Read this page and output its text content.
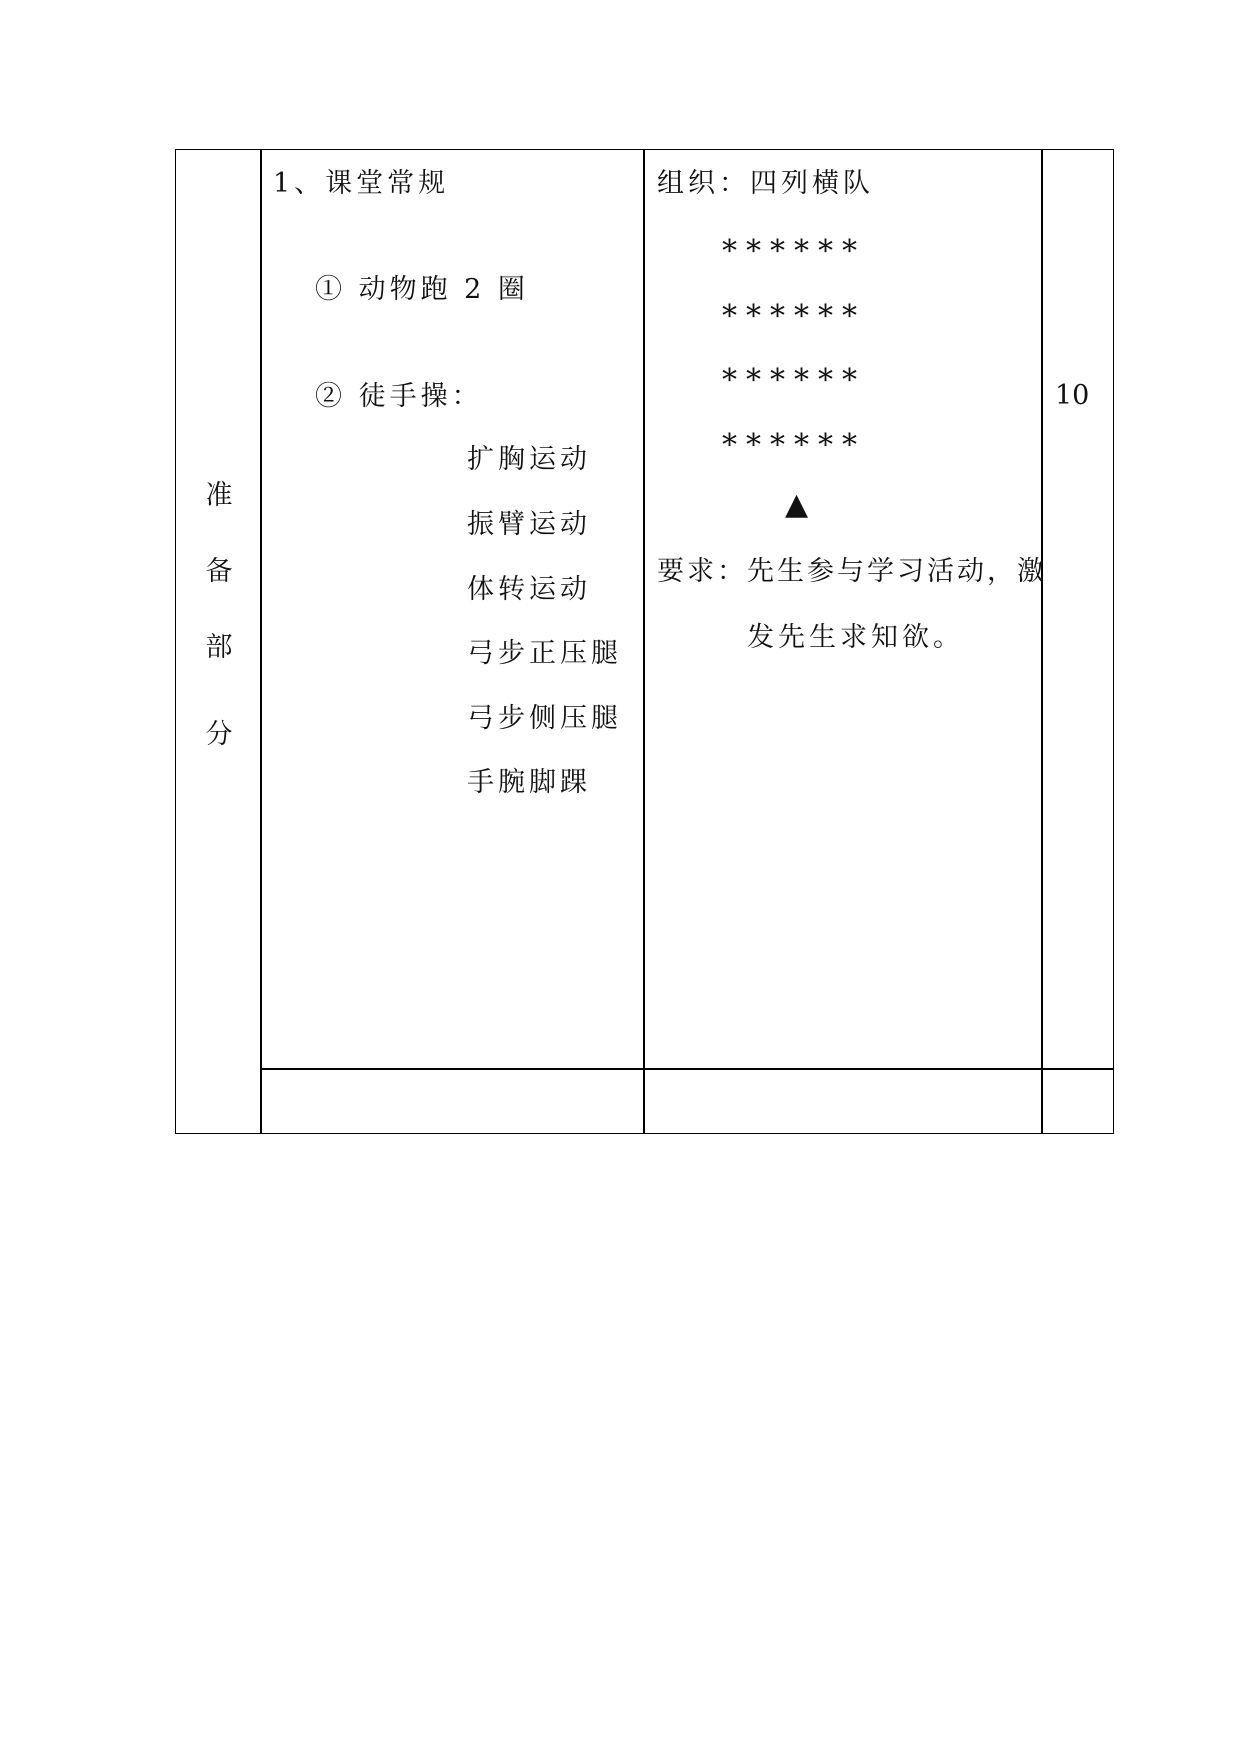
准
备
部
分
1、课堂常规
① 动物跑 2 圈
② 徒手操：
扩胸运动
振臂运动
体转运动
弓步正压腿
弓步侧压腿
手腕脚踝
组织：四列横队
******
******
******
******
▲
要求：先生参与学习活动，激
发先生求知欲。
10
